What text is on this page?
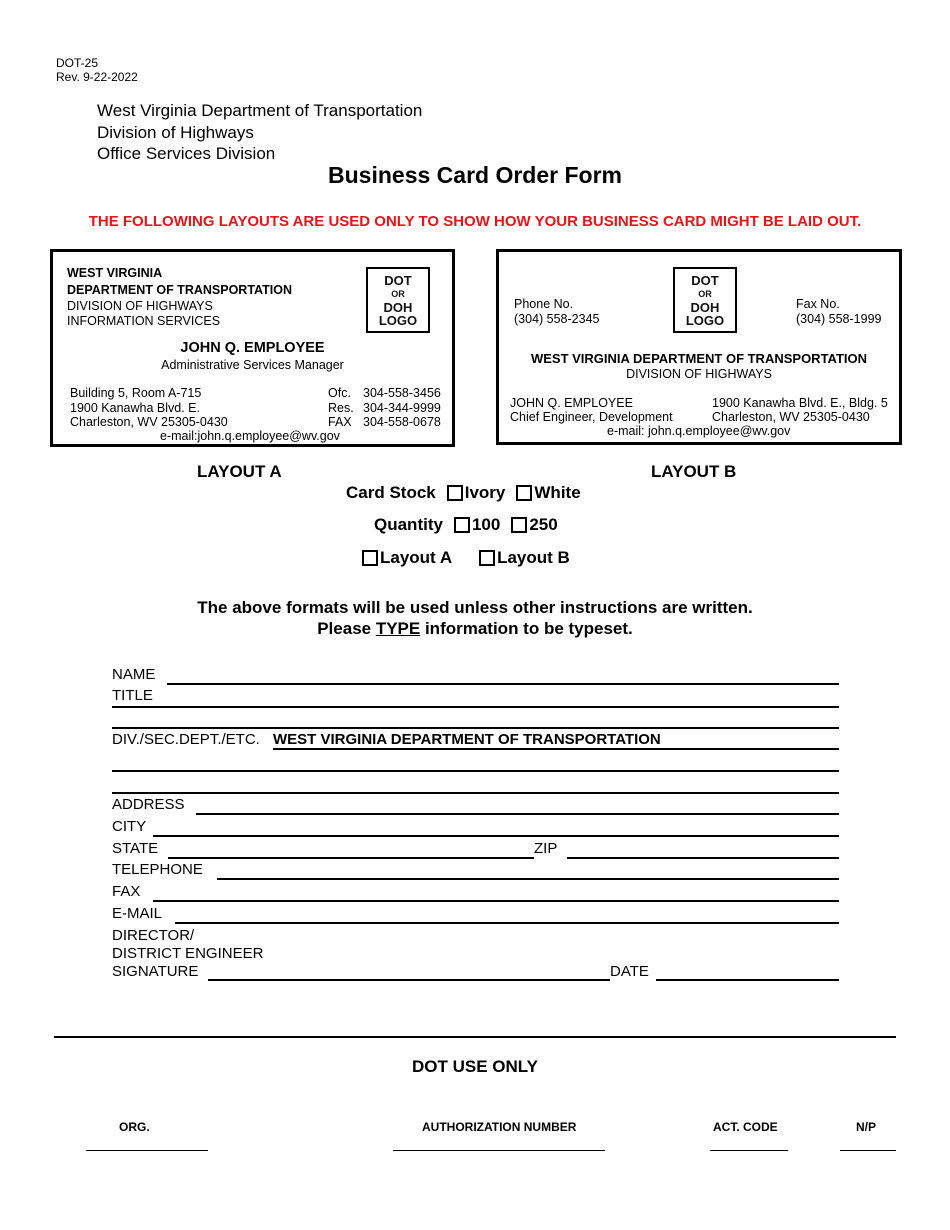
DOT-25
Rev. 9-22-2022
West Virginia Department of Transportation
Division of Highways
Office Services Division
Business Card Order Form
THE FOLLOWING LAYOUTS ARE USED ONLY TO SHOW HOW YOUR BUSINESS CARD MIGHT BE LAID OUT.
WEST VIRGINIA
DEPARTMENT OF TRANSPORTATION
DIVISION OF HIGHWAYS
INFORMATION SERVICES
DOT
OR
DOH
LOGO
JOHN Q. EMPLOYEE
Administrative Services Manager
Building 5, Room A-715
1900 Kanawha Blvd. E.
Charleston, WV 25305-0430
Ofc. 304-558-3456
Res. 304-344-9999
FAX 304-558-0678
e-mail:john.q.employee@wv.gov
Phone No.
(304) 558-2345
DOT
OR
DOH
LOGO
Fax No.
(304) 558-1999
WEST VIRGINIA DEPARTMENT OF TRANSPORTATION
DIVISION OF HIGHWAYS
JOHN Q. EMPLOYEE
Chief Engineer, Development
1900 Kanawha Blvd. E., Bldg. 5
Charleston, WV 25305-0430
e-mail: john.q.employee@wv.gov
LAYOUT A	LAYOUT B
Card Stock Ivory White
Quantity 100 250
Layout A	Layout B
The above formats will be used unless other instructions are written.
Please TYPE information to be typeset.
NAME
TITLE
DIV./SEC.DEPT./ETC. WEST VIRGINIA DEPARTMENT OF TRANSPORTATION
ADDRESS
CITY
STATE	ZIP
TELEPHONE
FAX
E-MAIL
DIRECTOR/
DISTRICT ENGINEER
SIGNATURE	DATE
DOT USE ONLY
ORG.	AUTHORIZATION NUMBER	ACT. CODE	N/P
